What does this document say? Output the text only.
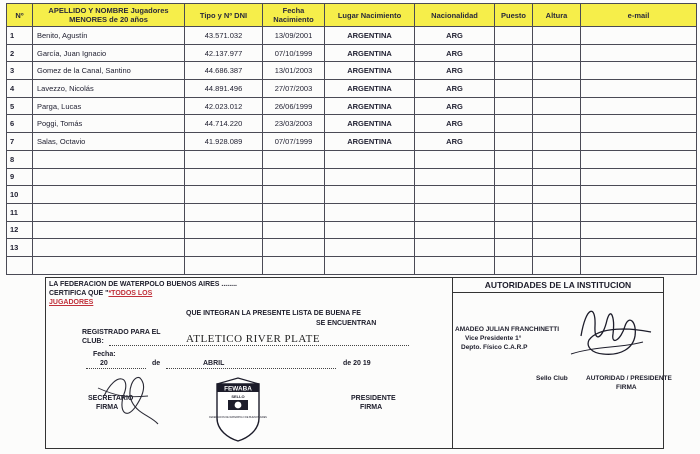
Nº	APELLIDO Y NOMBRE Jugadores MENORES de 20 años	Tipo y Nº DNI	Fecha Nacimiento	Lugar Nacimiento	Nacionalidad	Puesto	Altura	e-mail
1	Benito, Agustín	43.571.032	13/09/2001	ARGENTINA	ARG			
2	García, Juan Ignacio	42.137.977	07/10/1999	ARGENTINA	ARG			
3	Gomez de la Canal, Santino	44.686.387	13/01/2003	ARGENTINA	ARG			
4	Lavezzo, Nicolás	44.891.496	27/07/2003	ARGENTINA	ARG			
5	Parga, Lucas	42.023.012	26/06/1999	ARGENTINA	ARG			
6	Poggi, Tomás	44.714.220	23/03/2003	ARGENTINA	ARG			
7	Salas, Octavio	41.928.089	07/07/1999	ARGENTINA	ARG			
8								
9								
10								
11								
12								
13								

LA FEDERACION DE WATERPOLO BUENOS AIRES ........
CERTIFICA QUE "*TODOS LOS
JUGADORES
QUE INTEGRAN LA PRESENTE LISTA DE BUENA FE
SE ENCUENTRAN
REGISTRADO PARA EL
CLUB:	ATLETICO RIVER PLATE
Fecha:
20	de	ABRIL	de 20 19
SECRETARIO
FIRMA
PRESIDENTE
FIRMA
FEWABA
SELLO
FEDERACION DE WATERPOLO DE BUENOS AIRES
AUTORIDADES DE LA INSTITUCION
AMADEO JULIAN FRANCHINETTI
Vice Presidente 1°
Depto. Físico C.A.R.P
Sello Club	AUTORIDAD / PRESIDENTE
FIRMA
